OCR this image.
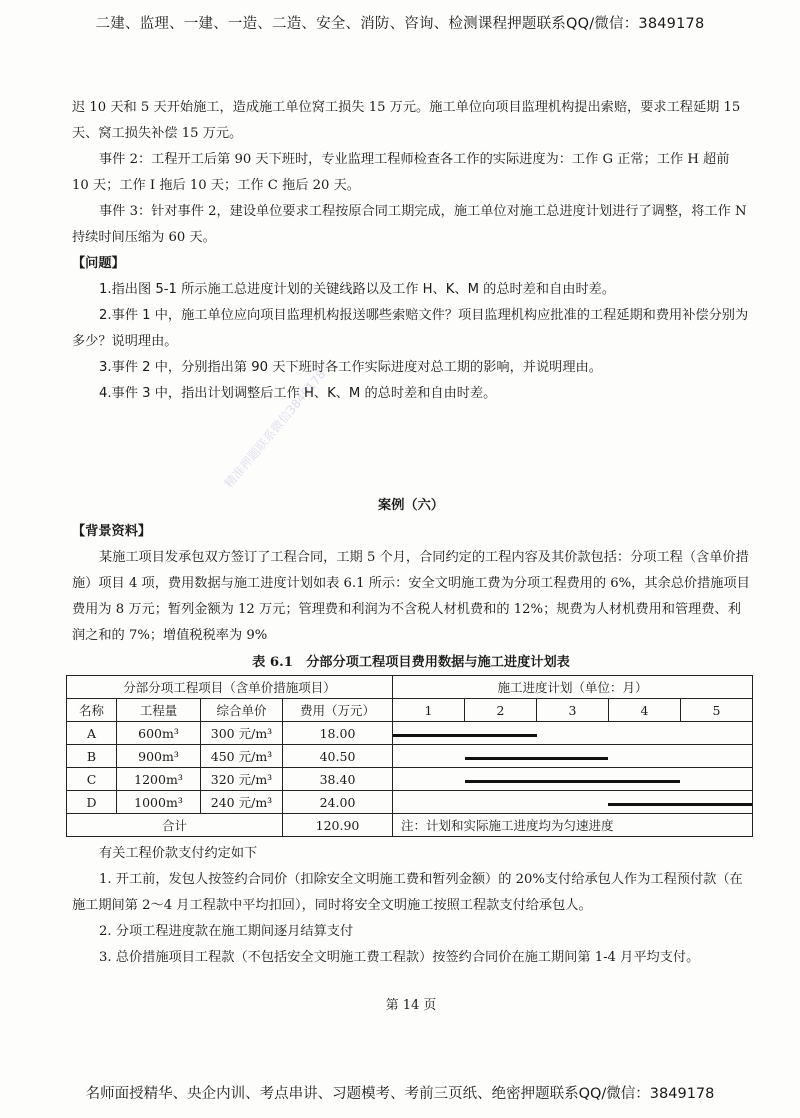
二建、监理、一建、一造、二造、安全、消防、咨询、检测课程押题联系QQ/微信：3849178
精准押题联系微信3849178

迟 10 天和 5 天开始施工，造成施工单位窝工损失 15 万元。施工单位向项目监理机构提出索赔，要求工程延期 15 天、窝工损失补偿 15 万元。

事件 2：工程开工后第 90 天下班时，专业监理工程师检查各工作的实际进度为：工作 G 正常；工作 H 超前 10 天；工作 I 拖后 10 天；工作 C 拖后 20 天。

事件 3：针对事件 2，建设单位要求工程按原合同工期完成，施工单位对施工总进度计划进行了调整，将工作 N 持续时间压缩为 60 天。

【问题】

1.指出图 5-1 所示施工总进度计划的关键线路以及工作 H、K、M 的总时差和自由时差。

2.事件 1 中，施工单位应向项目监理机构报送哪些索赔文件？项目监理机构应批准的工程延期和费用补偿分别为多少？说明理由。

3.事件 2 中，分别指出第 90 天下班时各工作实际进度对总工期的影响，并说明理由。

4.事件 3 中，指出计划调整后工作 H、K、M 的总时差和自由时差。

案例（六）

【背景资料】

某施工项目发承包双方签订了工程合同，工期 5 个月，合同约定的工程内容及其价款包括：分项工程（含单价措施）项目 4 项，费用数据与施工进度计划如表 6.1 所示：安全文明施工费为分项工程费用的 6%，其余总价措施项目费用为 8 万元；暂列金额为 12 万元；管理费和利润为不含税人材机费和的 12%；规费为人材机费用和管理费、利润之和的 7%；增值税税率为 9%

表 6.1　分部分项工程项目费用数据与施工进度计划表

分部分项工程项目（含单价措施项目）				施工进度计划（单位：月）				
名称	工程量	综合单价	费用（万元）	1	2	3	4	5
A	600m³	300 元/m³	18.00					

B	900m³	450 元/m³	40.50					

C	1200m³	320 元/m³	38.40					

D	1000m³	240 元/m³	24.00					

合计			120.90	注：计划和实际施工进度均为匀速进度				

有关工程价款支付约定如下

1. 开工前，发包人按签约合同价（扣除安全文明施工费和暂列金额）的 20%支付给承包人作为工程预付款（在施工期间第 2～4 月工程款中平均扣回），同时将安全文明施工按照工程款支付给承包人。

2. 分项工程进度款在施工期间逐月结算支付

3. 总价措施项目工程款（不包括安全文明施工费工程款）按签约合同价在施工期间第 1-4 月平均支付。

第 14 页

名师面授精华、央企内训、考点串讲、习题模考、考前三页纸、绝密押题联系QQ/微信：3849178
